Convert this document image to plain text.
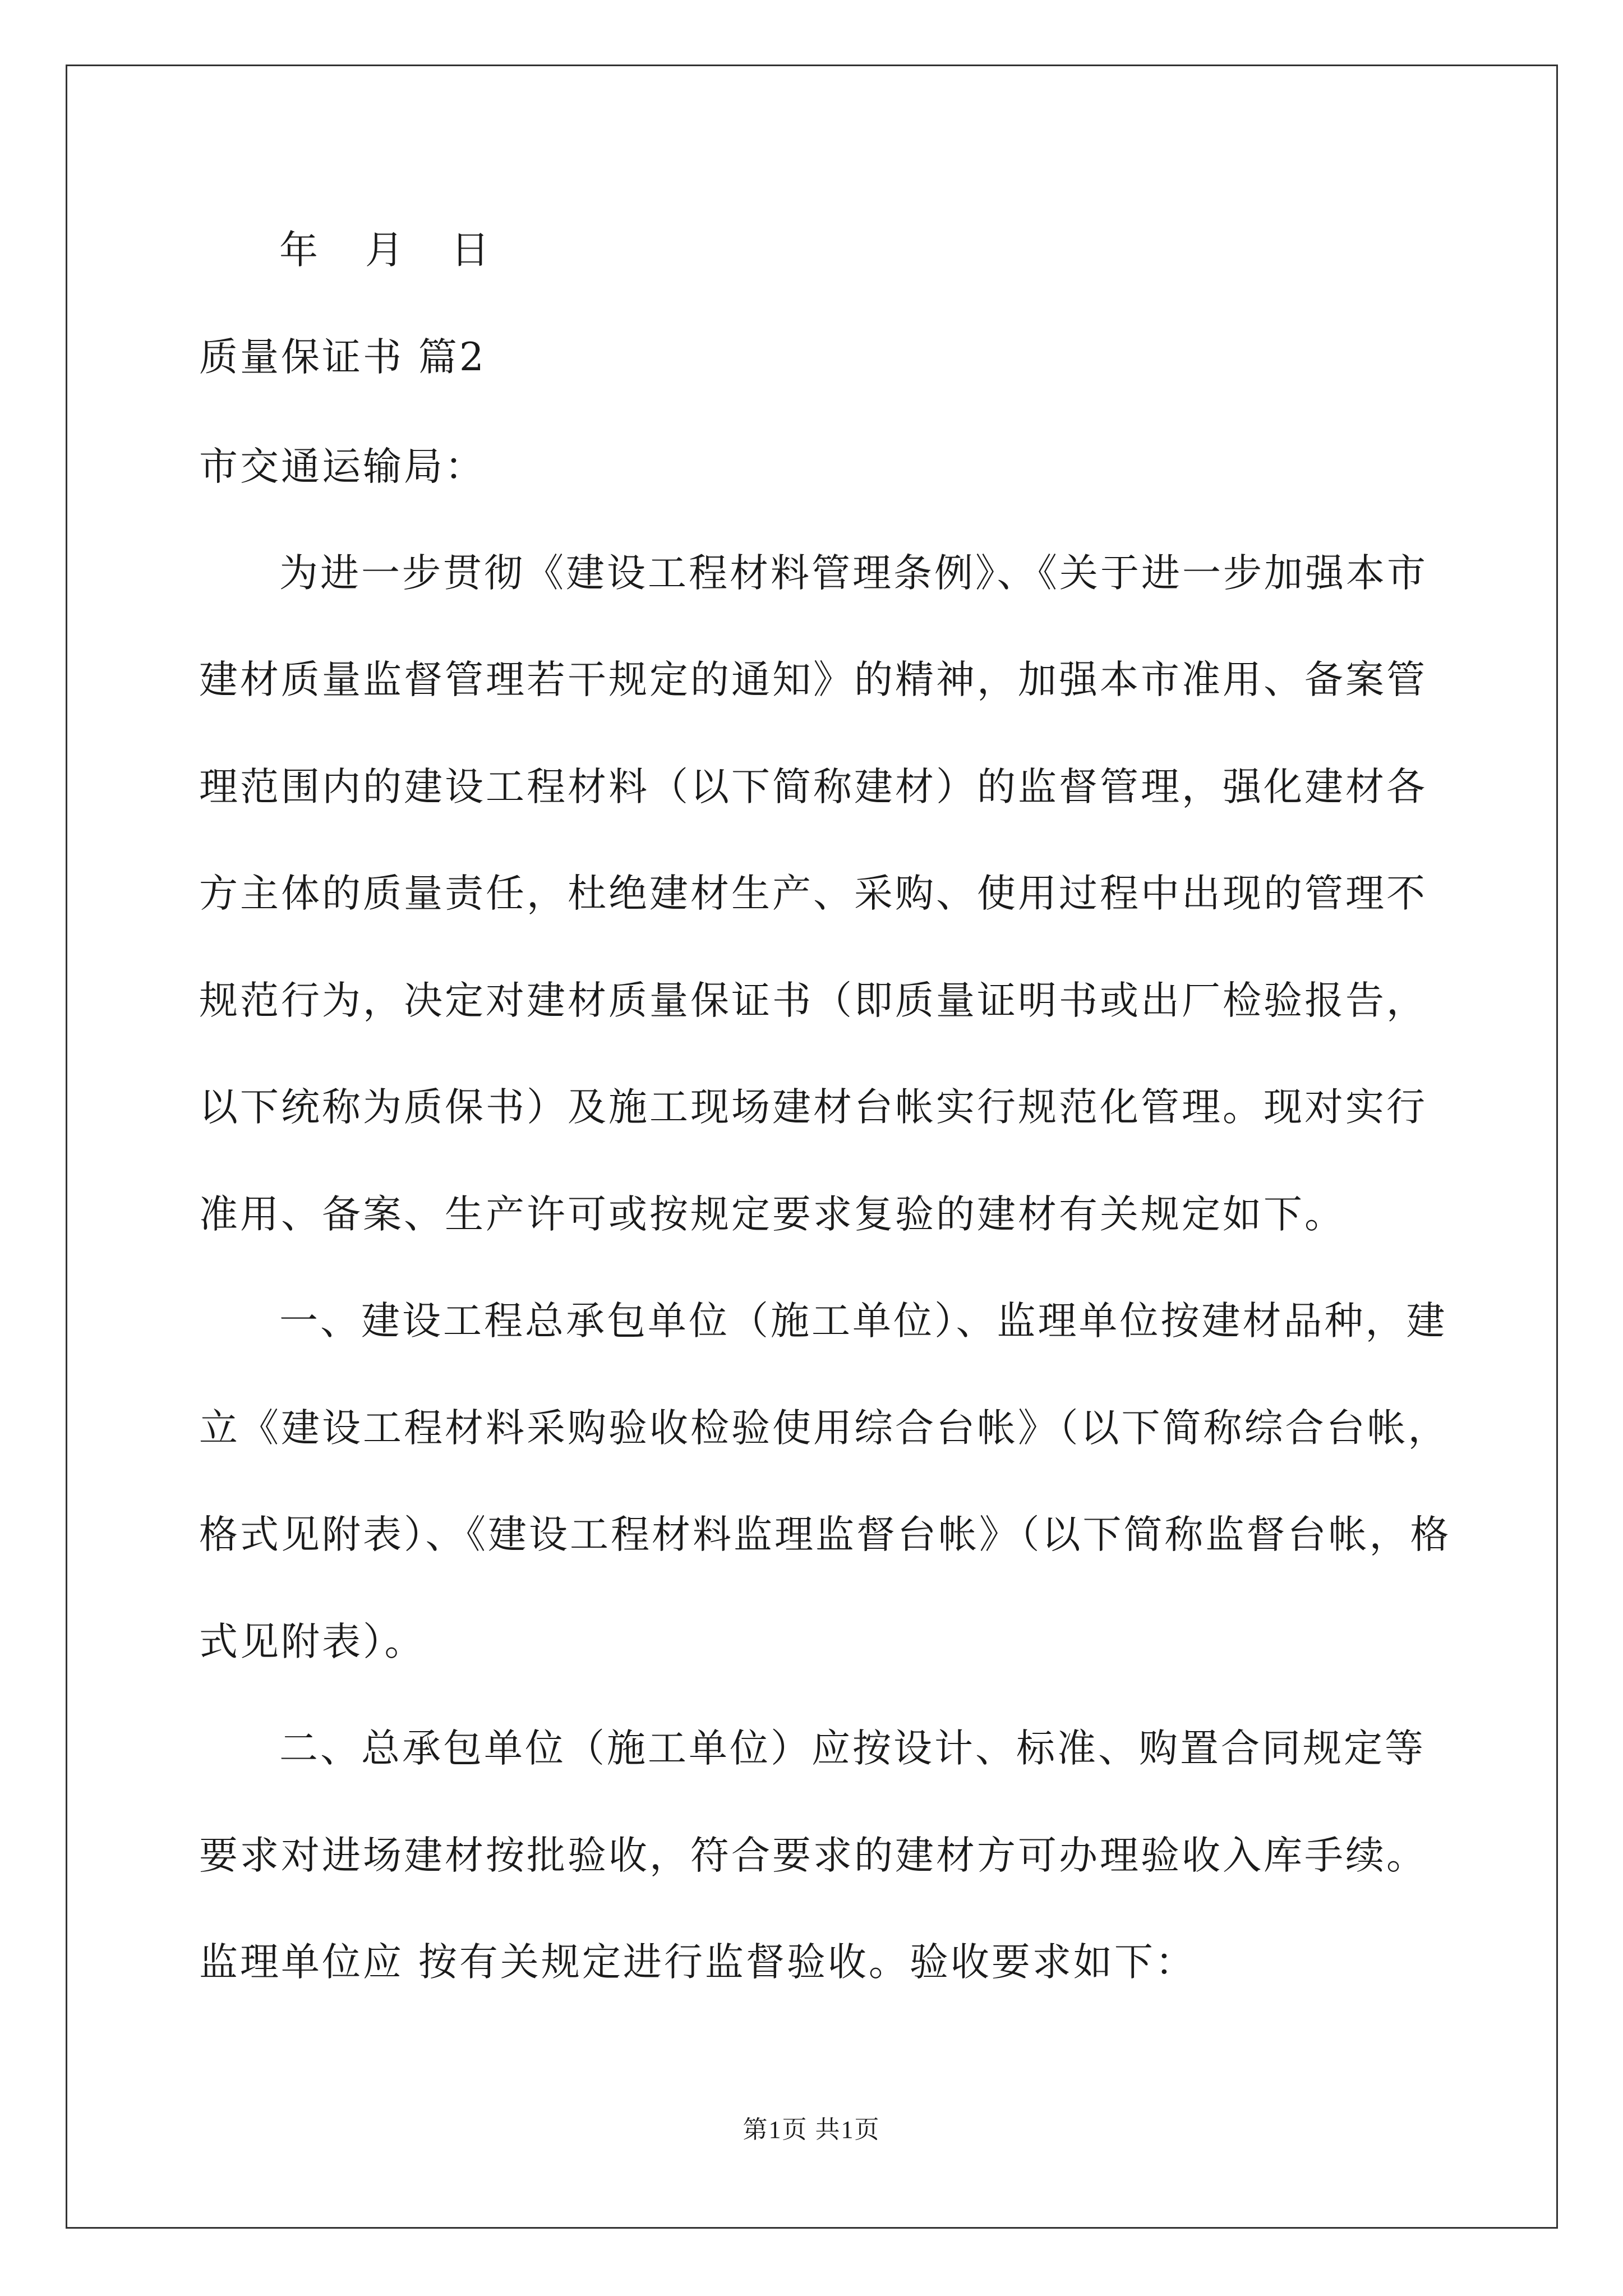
年 月 日
质量保证书 篇2
市交通运输局：
为进一步贯彻《建设工程材料管理条例》、《关于进一步加强本市
建材质量监督管理若干规定的通知》的精神，加强本市准用、备案管
理范围内的建设工程材料（以下简称建材）的监督管理，强化建材各
方主体的质量责任，杜绝建材生产、采购、使用过程中出现的管理不
规范行为，决定对建材质量保证书（即质量证明书或出厂检验报告，
以下统称为质保书）及施工现场建材台帐实行规范化管理。现对实行
准用、备案、生产许可或按规定要求复验的建材有关规定如下。
一、建设工程总承包单位（施工单位）、监理单位按建材品种，建
立《建设工程材料采购验收检验使用综合台帐》（以下简称综合台帐，
格式见附表）、《建设工程材料监理监督台帐》（以下简称监督台帐，格
式见附表）。
二、总承包单位（施工单位）应按设计、标准、购置合同规定等
要求对进场建材按批验收，符合要求的建材方可办理验收入库手续。
监理单位应 按有关规定进行监督验收。验收要求如下：
第1页 共1页
